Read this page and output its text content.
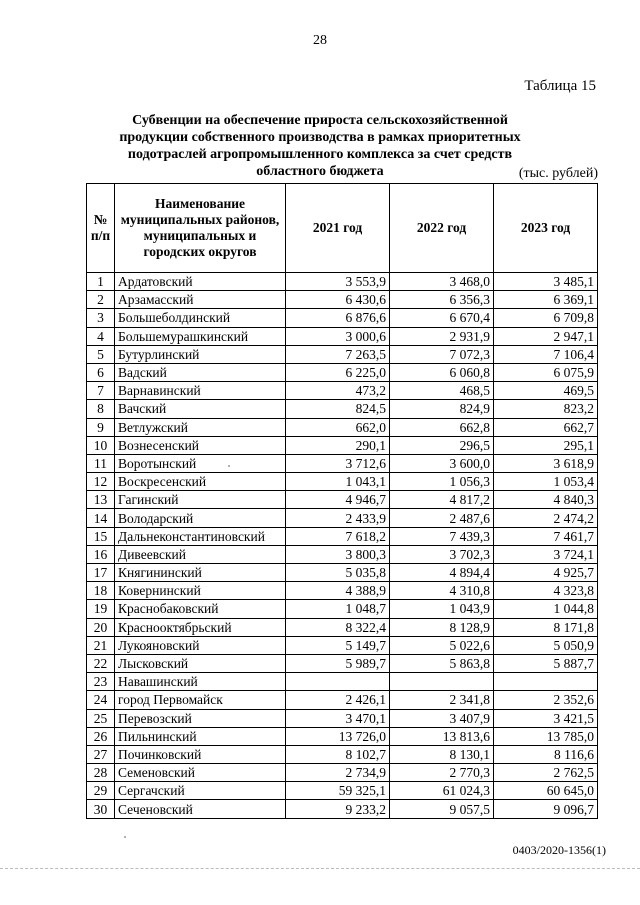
28
Таблица 15
Субвенции на обеспечение прироста сельскохозяйственной продукции собственного производства в рамках приоритетных подотраслей агропромышленного комплекса за счет средств областного бюджета	(тыс. рублей)
№ п/п	Наименование муниципальных районов, муниципальных и городских округов	2021 год	2022 год	2023 год
1	Ардатовский	3 553,9	3 468,0	3 485,1
2	Арзамасский	6 430,6	6 356,3	6 369,1
3	Большеболдинский	6 876,6	6 670,4	6 709,8
4	Большемурашкинский	3 000,6	2 931,9	2 947,1
5	Бутурлинский	7 263,5	7 072,3	7 106,4
6	Вадский	6 225,0	6 060,8	6 075,9
7	Варнавинский	473,2	468,5	469,5
8	Вачский	824,5	824,9	823,2
9	Ветлужский	662,0	662,8	662,7
10	Вознесенский	290,1	296,5	295,1
11	Воротынский	3 712,6	3 600,0	3 618,9
12	Воскресенский	1 043,1	1 056,3	1 053,4
13	Гагинский	4 946,7	4 817,2	4 840,3
14	Володарский	2 433,9	2 487,6	2 474,2
15	Дальнеконстантиновский	7 618,2	7 439,3	7 461,7
16	Дивеевский	3 800,3	3 702,3	3 724,1
17	Княгининский	5 035,8	4 894,4	4 925,7
18	Ковернинский	4 388,9	4 310,8	4 323,8
19	Краснобаковский	1 048,7	1 043,9	1 044,8
20	Краснооктябрьский	8 322,4	8 128,9	8 171,8
21	Лукояновский	5 149,7	5 022,6	5 050,9
22	Лысковский	5 989,7	5 863,8	5 887,7
23	Навашинский			
24	город Первомайск	2 426,1	2 341,8	2 352,6
25	Перевозский	3 470,1	3 407,9	3 421,5
26	Пильнинский	13 726,0	13 813,6	13 785,0
27	Починковский	8 102,7	8 130,1	8 116,6
28	Семеновский	2 734,9	2 770,3	2 762,5
29	Сергачский	59 325,1	61 024,3	60 645,0
30	Сеченовский	9 233,2	9 057,5	9 096,7
0403/2020-1356(1)
